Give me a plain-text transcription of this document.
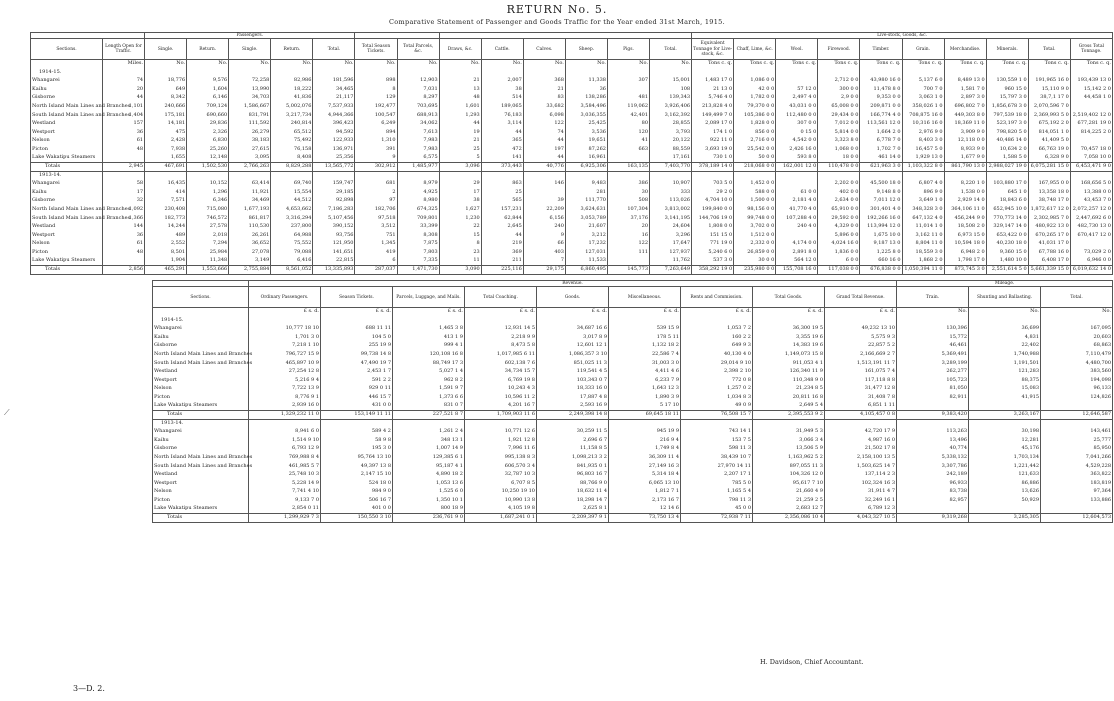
RETURN No. 5.
Comparative Statement of Passenger and Goods Traffic for the Year ended 31st March, 1915.
		Passengers.													Live-stock, Goods, &c.									
Sections.	Length Open for Traffic.	Single.	Return.	Single.	Return.	Total.	Total Season Tickets.	Total Parcels, &c.	Draws, &c.	Cattle.	Calves.	Sheep.	Pigs.	Total.	Equivalent Tonnage for Live-stock, &c.	Chaff, Lime, &c.	Wool.	Firewood.	Timber.	Grain.	Merchandise.	Minerals.	Total.	Gross Total Tonnage.
	Miles.	No.	No.	No.	No.	No.	No.	No.	No.	No.	No.	No.	No.	No.	Tons c. q.	Tons c. q.	Tons c. q.	Tons c. q.	Tons c. q.	Tons c. q.	Tons c. q.	Tons c. q.	Tons c. q.	Tons c. q.
1914-15.																								
Whangarei	74	18,776	9,576	72,258	82,986	181,596	898	12,903	21	2,007	368	11,338	307	15,001	1,483 17 0	1,086 0 0		2,712 0 0	43,980 16 0	5,137 6 0	8,489 13 0	130,559 1 0	191,965 16 0	193,439 13 0
Kaihu	20	649	1,604	13,990	18,222	34,465	8	7,031	13	38	21	36		108	21 13 0	42 0 0	57 12 0	300 0 0	11,478 8 0	700 7 0	1,581 7 0	960 15 0	15,110 9 0	15,142 2 0
Gisborne	44	8,342	6,146	34,703	41,836	21,117	129	8,297	48	514	83	138,286	481	139,343	5,746 4 0	1,782 0 0	2,497 4 0	2,9 0 0	9,353 0 0	3,063 1 0	2,897 3 0	15,797 3 0	38,7,1 17 0	44,458 1 0
North Island Main Lines and Branches	1,101	240,666	709,124	1,586,667	5,002,076	7,537,933	192,477	703,695	1,601	189,065	33,682	3,584,496	119,062	3,926,406	213,828 4 0	79,370 0 0	43,031 0 0	65,008 0 0	209,871 0 0	358,026 1 0	696,802 7 0	1,856,678 3 0	2,070,596 7 0	
South Island Main Lines and Branches	1,404	175,181	690,660	831,791	3,217,734	4,944,366	100,547	688,913	1,293	76,183	6,098	3,036,355	42,401	3,162,392	149,499 7 0	105,386 0 0	112,480 0 0	29,434 0 0	166,774 4 0	708,875 16 0	449,303 8 0	797,539 18 0	2,369,993 5 0	2,519,402 12 0
Westland	157	14,181	29,836	111,592	240,814	396,423	6,249	34,062	44	3,114	122	25,425	80	28,855	2,089 17 0	1,828 0 0	307 0 0	7,012 0 0	113,561 12 0	10,316 16 0	18,369 11 0	523,197 3 0	675,192 2 0	677,281 19 0
Westport	36	475	2,326	26,279	65,512	94,592	894	7,613	19	44	74	3,536	120	3,793	174 1 0	856 0 0	0 15 0	5,814 0 0	1,664 2 0	2,976 9 0	3,909 9 0	798,820 5 0	814,051 1 0	814,225 2 0
Nelson	61	2,428	6,830	38,183	75,492	122,933	1,310	7,983	21	365	44	19,651	41	20,122	922 11 0	2,716 0 0	4,542 0 0	3,323 8 0	6,778 7 0	8,403 3 0	12,118 0 0	40,486 14 0	41,409 5 0	
Picton	48	7,938	25,260	27,615	76,158	136,971	391	7,983	25	472	197	87,262	663	88,559	3,693 19 0	25,542 0 0	2,426 16 0	1,068 0 0	1,702 7 0	16,457 5 0	8,933 9 0	10,634 2 0	66,763 19 0	70,457 18 0
Lake Wakatipu Steamers		1,655	12,148	3,095	8,408	25,356	9	6,575	5	141	44	16,961		17,161	730 1 0	50 0 0	593 8 0	18 0 0	461 14 0	1,929 13 0	1,677 9 0	1,588 5 0	6,328 9 0	7,058 10 0
Totals	2,945	467,691	1,502,530	2,766,263	8,829,288	13,565,772	302,912	1,485,977	3,096	373,443	40,776	6,925,306	163,135	7,403,770	378,189 14 0	218,068 0 0	162,001 12 0	110,478 0 0	621,963 3 0	1,103,322 8 0	861,790 13 0	2,988,027 19 0	6,075,281 15 0	6,453,471 9 0
1913-14.																								
Whangarei	58	16,435	10,152	63,414	69,740	159,747	681	8,979	29	863	146	9,483	386	10,907	703 5 0	1,452 0 0		2,202 0 0	45,500 18 0	6,807 4 0	8,220 1 0	103,880 17 0	167,955 0 0	168,656 5 0
Kaihu	17	414	1,296	11,921	15,554	29,185	2	4,925	17	25		281	30	333	29 2 0	588 0 0	61 0 0	402 0 0	9,148 8 0	896 9 0	1,538 0 0	645 1 0	13,358 18 0	13,388 0 0
Gisborne	32	7,571	6,346	34,469	44,512	92,898	97	8,980	38	565	39	111,770	508	113,026	4,704 10 0	1,500 0 0	2,181 4 0	2,634 0 0	7,011 12 0	3,649 1 0	2,929 14 0	18,843 6 0	38,748 17 0	43,453 7 0
North Island Main Lines and Branches	1,092	230,408	715,080	1,677,193	4,653,662	7,186,283	182,706	674,325	1,627	157,231	22,209	3,624,631	107,304	3,813,002	199,840 0 0	98,156 0 0	41,770 4 0	65,910 0 0	301,401 4 0	348,328 3 0	364,106 11 0	652,945 10 0	1,872,617 12 0	2,072,257 12 0
South Island Main Lines and Branches	1,366	182,773	746,572	861,817	3,316,294	5,107,456	97,518	709,801	1,230	62,844	6,156	3,053,789	37,176	3,141,195	144,706 19 0	99,748 0 0	107,288 4 0	29,592 0 0	192,266 16 0	647,132 4 0	456,244 9 0	770,773 14 0	2,302,985 7 0	2,447,692 6 0
Westland	144	14,244	27,578	110,530	237,800	390,152	3,512	33,399	22	2,645	240	21,607	20	24,604	1,808 0 0	3,702 0 0	240 4 0	4,329 0 0	113,994 12 0	11,014 1 0	18,508 2 0	329,147 14 0	480,922 13 0	482,730 13 0
Westport	36	489	2,018	26,261	64,988	93,756	751	8,308	15	44	9	3,212	16	3,296	151 15 0	1,512 0 0		5,896 0 0	1,675 10 0	3,162 11 0	6,973 15 0	653,422 0 0	670,265 17 0	670,417 12 0
Nelson	61	2,552	7,294	36,652	75,552	121,950	1,345	7,875	8	219	66	17,232	122	17,647	771 19 0	2,332 0 0	4,174 0 0	4,024 16 0	9,187 13 0	8,804 11 0	10,594 18 0	40,230 18 0	41,031 17 0	
Picton	48	8,501	25,984	27,078	79,088	141,651	419	7,803	23	369	403	127,031	111	127,937	5,240 6 0	26,859 0 0	2,891 8 0	1,836 0 0	1,225 8 0	18,559 3 0	6,948 2 0	9,360 15 0	67,788 16 0	73,029 2 0
Lake Wakatipu Steamers		1,904	11,348	3,149	6,416	22,815	6	7,335	11	211	7	11,533		11,762	537 3 0	30 0 0	564 12 0	6 0 0	660 16 0	1,868 2 0	1,798 17 0	1,480 10 0	6,408 17 0	6,946 0 0
Totals	2,856	465,291	1,553,666	2,755,884	8,561,052	13,335,893	287,037	1,471,730	3,090	225,116	29,175	6,860,495	145,773	7,263,649	358,292 19 0	235,980 0 0	155,708 16 0	117,038 0 0	676,838 0 0	1,050,394 11 0	873,745 3 0	2,551,614 5 0	5,661,339 15 0	6,019,632 14 0
	Revenue.									Mileage.		
Sections.	Ordinary Passengers.	Season Tickets.	Parcels, Luggage, and Mails.	Total Coaching.	Goods.	Miscellaneous.	Rents and Commission.	Total Goods.	Grand Total Revenue.	Train.	Shunting and Ballasting.	Total.
	£ s. d.	£ s. d.	£ s. d.	£ s. d.	£ s. d.	£ s. d.	£ s. d.	£ s. d.	£ s. d.	No.	No.	No.
1914-15.												
Whangarei	10,777 18 10	688 11 11	1,465 3 8	12,931 14 5	34,687 16 6	539 15 9	1,053 7 2	36,300 19 5	49,232 13 10	130,396	36,699	167,095
Kaihu	1,701 3 0	104 5 0	413 1 9	2,218 9 9	3,017 8 9	178 5 11	160 2 2	3,355 19 6	5,575 9 3	15,772	4,831	20,603
Gisborne	7,218 1 10	255 19 9	999 4 1	8,473 5 8	12,601 12 1	1,132 18 2	649 9 3	14,383 19 6	22,857 5 2	46,461	22,402	68,863
North Island Main Lines and Branches	796,727 15 9	99,738 14 8	120,108 16 8	1,017,985 6 11	1,086,357 3 10	22,586 7 4	40,130 4 0	1,149,073 15 8	2,166,669 2 7	5,369,491	1,740,988	7,110,479
South Island Main Lines and Branches	465,897 10 9	47,490 19 7	88,749 17 3	602,138 7 6	851,025 11 3	31,003 3 0	29,014 9 10	911,053 4 1	1,513,191 11 7	3,289,199	1,191,501	4,480,700
Westland	27,254 12 8	2,453 1 7	5,027 1 4	34,734 15 7	119,541 4 5	4,411 4 6	2,398 2 10	126,340 11 9	161,075 7 4	262,277	121,283	383,560
Westport	5,216 9 4	591 2 2	962 8 2	6,769 19 8	103,343 0 7	6,233 7 9	772 0 8	110,348 9 0	117,118 8 8	105,723	88,375	194,098
Nelson	7,722 13 9	929 0 11	1,591 9 7	10,243 4 3	18,333 16 0	1,643 12 3	1,257 0 2	21,234 8 5	31,477 12 8	81,050	15,083	96,133
Picton	8,776 9 1	446 15 7	1,373 6 6	10,596 11 2	17,887 4 8	1,890 3 9	1,034 8 3	20,811 16 8	31,408 7 8	82,911	41,915	124,826
Lake Wakatipu Steamers	2,939 16 0	431 0 0	831 0 7	4,201 16 7	2,593 16 9	5 17 10	49 0 9	2,649 5 4	6,851 1 11			
Totals	1,329,232 11 0	153,149 11 11	227,521 8 7	1,709,903 11 6	2,249,398 14 8	69,645 18 11	76,508 15 7	2,395,553 9 2	4,105,457 0 8	9,383,420	3,263,167	12,646,587
1913-14.												
Whangarei	8,941 6 0	589 4 2	1,261 2 4	10,771 12 6	30,259 11 5	945 19 9	743 14 1	31,949 5 3	42,720 17 9	113,263	30,198	143,461
Kaihu	1,514 9 10	58 9 8	348 13 1	1,921 12 8	2,696 6 7	216 9 4	153 7 5	3,066 3 4	4,987 16 0	13,496	12,281	25,777
Gisborne	6,793 12 9	195 3 0	1,007 14 9	7,996 11 6	11,158 8 5	1,749 8 4	598 11 3	13,506 5 9	21,502 17 8	40,774	45,176	85,950
North Island Main Lines and Branches	769,988 8 4	95,764 13 10	129,385 6 1	995,138 8 3	1,098,213 3 2	36,309 11 4	38,439 10 7	1,163,962 5 2	2,158,100 13 5	5,338,132	1,703,134	7,041,266
South Island Main Lines and Branches	461,985 5 7	49,397 13 8	95,187 4 1	606,570 3 4	841,935 0 1	27,149 16 3	27,970 14 11	897,055 11 3	1,503,625 14 7	3,307,786	1,221,442	4,529,228
Westland	25,748 10 3	2,147 15 10	4,890 18 2	32,787 10 3	96,803 16 7	5,314 18 4	2,207 17 1	104,326 12 0	137,114 2 3	242,189	121,633	363,822
Westport	5,228 14 9	524 18 0	1,053 13 6	6,707 8 5	88,766 9 0	6,065 13 10	785 5 0	95,617 7 10	102,324 16 3	96,933	86,886	183,819
Nelson	7,741 4 10	984 9 0	1,525 6 0	10,250 19 10	18,632 11 4	1,812 7 1	1,165 5 4	21,660 4 9	31,911 4 7	83,738	13,626	97,364
Picton	9,133 7 0	506 16 7	1,350 10 1	10,990 13 8	18,298 14 7	2,173 16 7	798 11 3	21,259 2 5	32,249 16 1	82,957	50,929	133,886
Lake Wakatipu Steamers	2,854 0 11	401 0 0	800 18 9	4,105 19 8	2,625 8 1	12 14 6	45 0 0	2,683 12 7	6,789 12 3			
Totals	1,299,929 7 3	150,550 3 10	236,761 9 0	1,687,241 0 1	2,209,397 9 1	73,750 13 4	72,938 7 11	2,356,086 10 4	4,043,327 10 5	9,319,268	3,285,305	12,604,573
⟋
H. Davidson, Chief Accountant.
3—D. 2.
